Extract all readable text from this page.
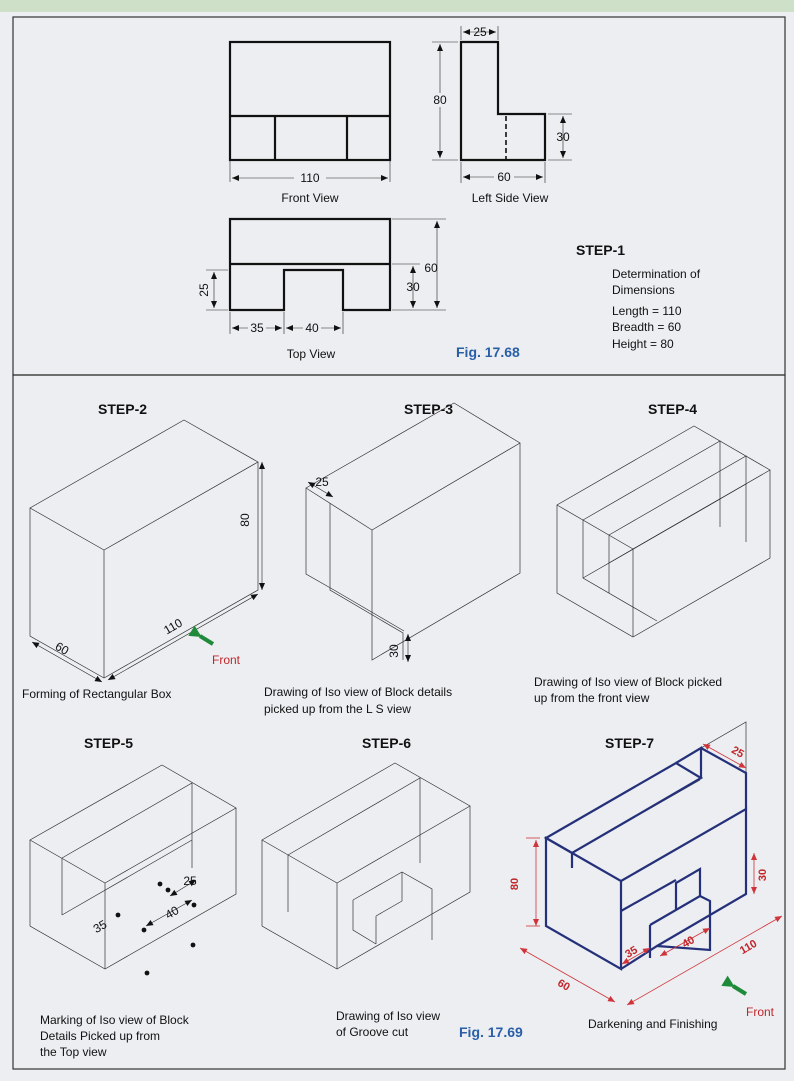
110
Front View
25
80
30
60
Left Side View
60
30
25
35	40
Top View
STEP-1
Determination of
Dimensions
Length = 110
Breadth = 60
Height = 80
Fig. 17.68
STEP-2
80
60
110
Front
Forming of Rectangular Box
STEP-3
25
30
Drawing of Iso view of Block details
picked up from the L S view
STEP-4
Drawing of Iso view of Block picked
up from the front view
STEP-5
40
25
35
Marking of Iso view of Block
Details Picked up from
the Top view
STEP-6
Drawing of Iso view
of Groove cut
STEP-7
25
80
30
35
40	110
60
Front
Darkening and Finishing
Fig. 17.69
